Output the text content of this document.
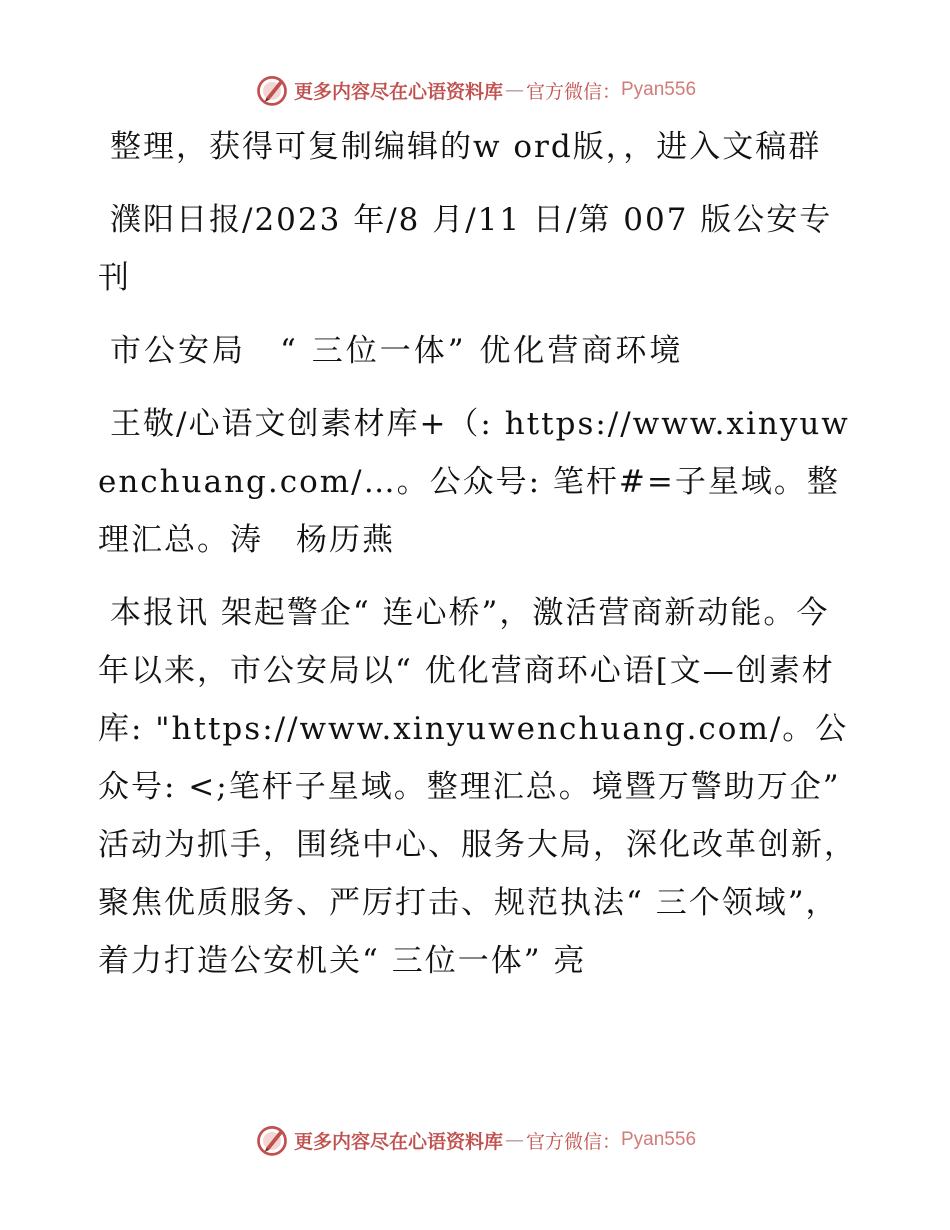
更多内容尽在心语资料库 — 官方微信： Pyan556

整理，获得可复制编辑的w ord版，，进入文稿群

濮阳日报/2023 年/8 月/11 日/第 007 版公安专刊

市公安局　“ 三位一体” 优化营商环境

王敬/心语文创素材库+（: https://www.xinyuwenchuang.com/…。公众号: 笔杆#=子星域。整理汇总。涛　杨历燕

本报讯 架起警企“ 连心桥”，激活营商新动能。今年以来，市公安局以“ 优化营商环心语[文—创素材库: "https://www.xinyuwenchuang.com/。公众号: <;笔杆子星域。整理汇总。境暨万警助万企” 活动为抓手，围绕中心、服务大局，深化改革创新，聚焦优质服务、严厉打击、规范执法“ 三个领域”，着力打造公安机关“ 三位一体” 亮

更多内容尽在心语资料库 — 官方微信： Pyan556
